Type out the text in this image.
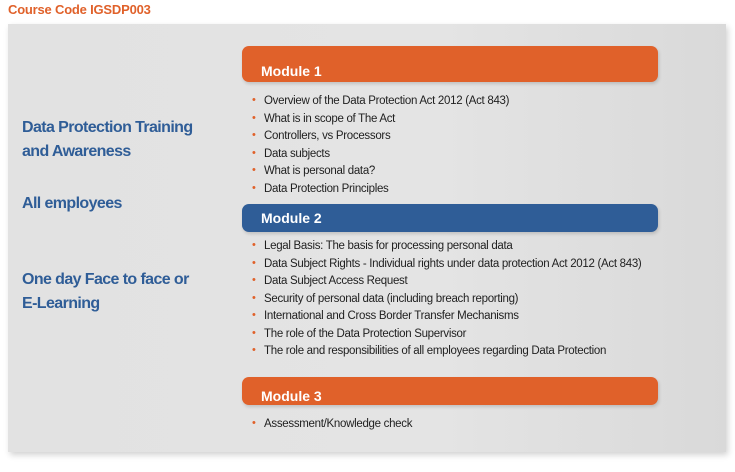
Course Code IGSDP003
Data Protection Training
and Awareness
All employees
One day Face to face or
E-Learning
Module 1
• Overview of the Data Protection Act 2012 (Act 843)
• What is in scope of The Act
• Controllers, vs Processors
• Data subjects
• What is personal data?
• Data Protection Principles
Module 2
• Legal Basis: The basis for processing personal data
• Data Subject Rights - Individual rights under data protection Act 2012 (Act 843)
• Data Subject Access Request
• Security of personal data (including breach reporting)
• International and Cross Border Transfer Mechanisms
• The role of the Data Protection Supervisor
• The role and responsibilities of all employees regarding Data Protection
Module 3
• Assessment/Knowledge check
